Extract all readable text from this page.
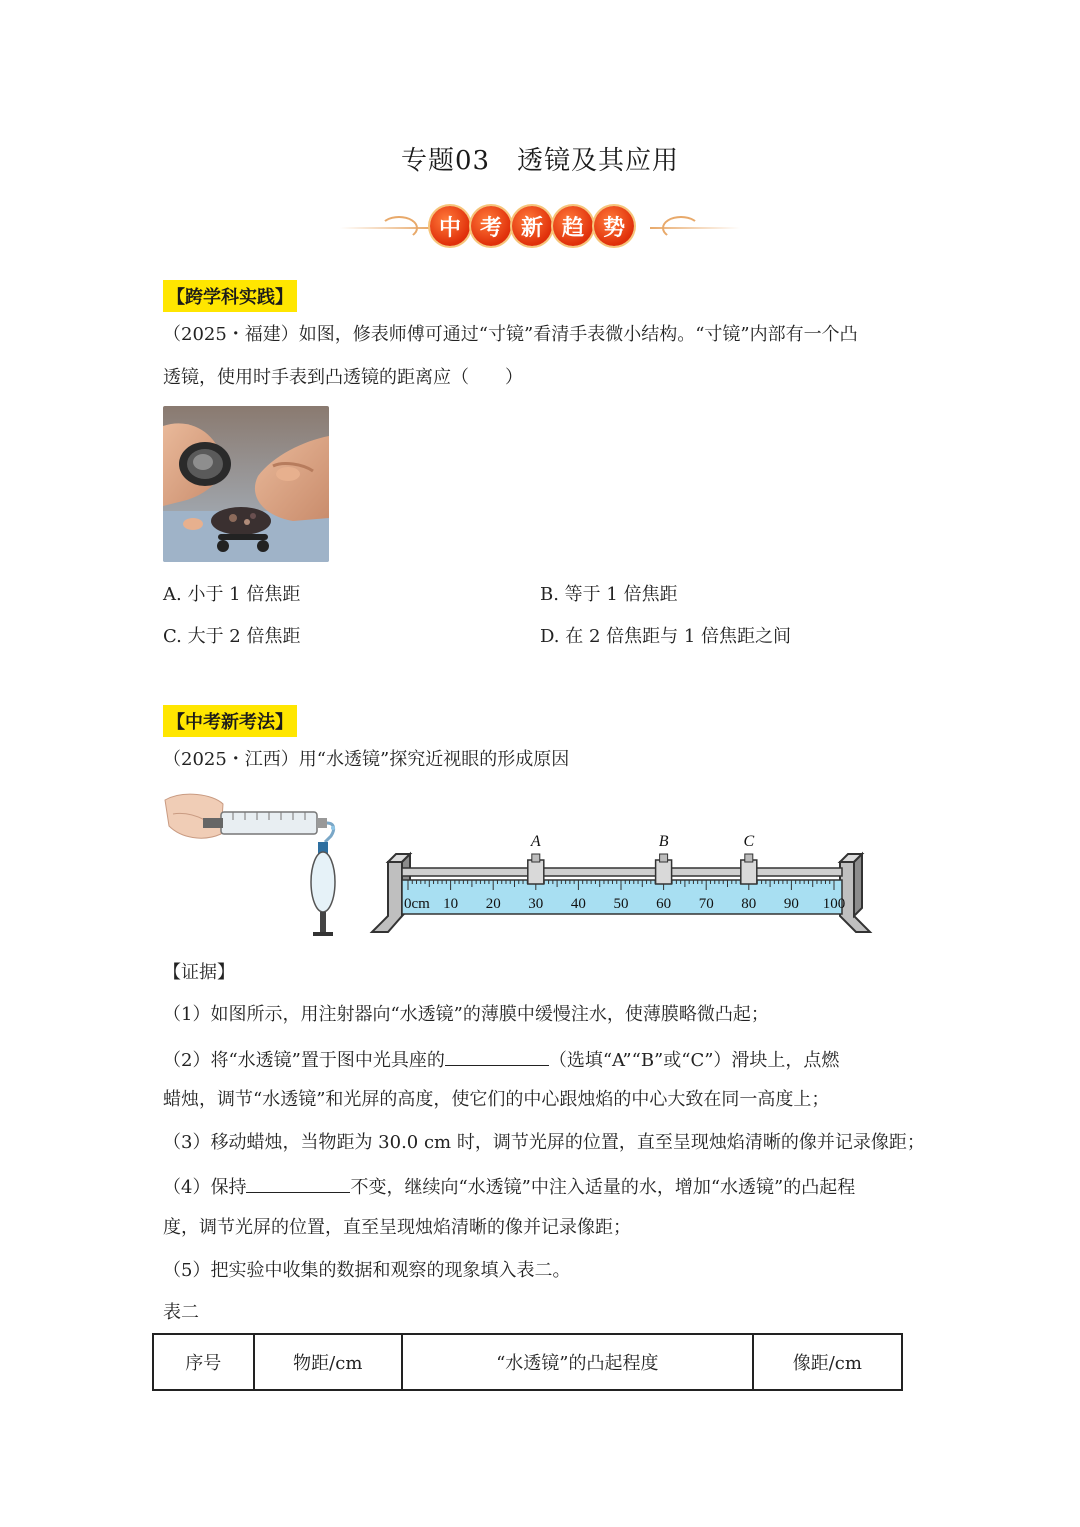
专题03　透镜及其应用
中 考 新 趋 势
【跨学科实践】
（2025・福建）如图，修表师傅可通过“寸镜”看清手表微小结构。“寸镜”内部有一个凸
透镜，使用时手表到凸透镜的距离应（　　）
A. 小于 1 倍焦距	B. 等于 1 倍焦距
C. 大于 2 倍焦距	D. 在 2 倍焦距与 1 倍焦距之间
【中考新考法】
（2025・江西）用“水透镜”探究近视眼的形成原因
0cm 10 20 30 40 50 60 70 80 90 100
A	B	C
【证据】
（1）如图所示，用注射器向“水透镜”的薄膜中缓慢注水，使薄膜略微凸起；
（2）将“水透镜”置于图中光具座的	（选填“A”“B”或“C”）滑块上，点燃
蜡烛，调节“水透镜”和光屏的高度，使它们的中心跟烛焰的中心大致在同一高度上；
（3）移动蜡烛，当物距为 30.0 cm 时，调节光屏的位置，直至呈现烛焰清晰的像并记录像距；
（4）保持	不变，继续向“水透镜”中注入适量的水，增加“水透镜”的凸起程
度，调节光屏的位置，直至呈现烛焰清晰的像并记录像距；
（5）把实验中收集的数据和观察的现象填入表二。
表二
序号	物距/cm	“水透镜”的凸起程度	像距/cm
